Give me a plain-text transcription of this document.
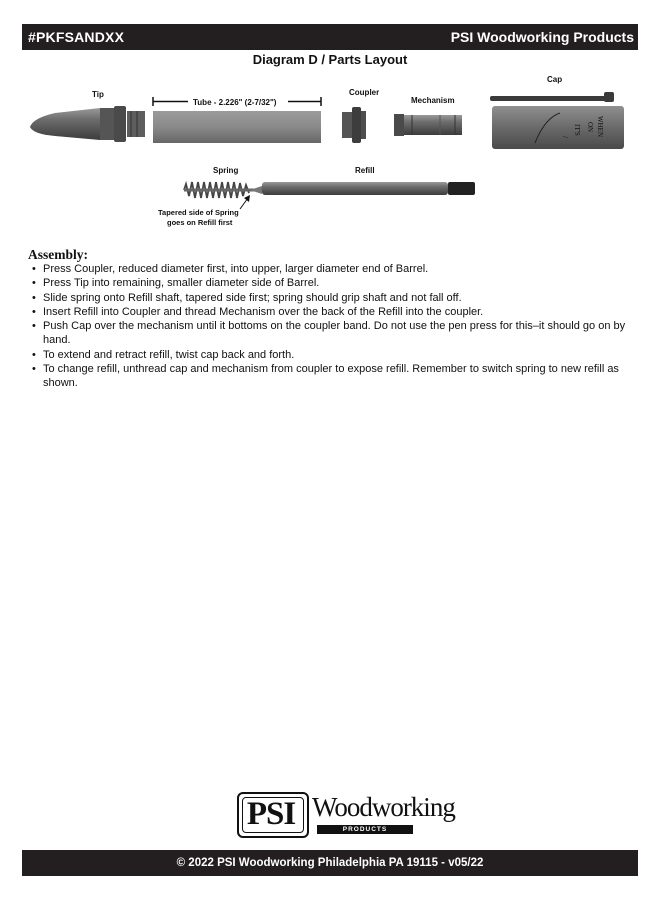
#PKFSANDXX	PSI Woodworking Products
Diagram D / Parts Layout
Tip
Tube - 2.226" (2-7/32")
Coupler
Mechanism
Cap
Spring	Refill
Tapered side of Spring
goes on Refill first
WHEN
ON
IT'S
/
Assembly:
• Press Coupler, reduced diameter first, into upper, larger diameter end of Barrel.
• Press Tip into remaining, smaller diameter side of Barrel.
• Slide spring onto Refill shaft, tapered side first; spring should grip shaft and not fall off.
• Insert Refill into Coupler and thread Mechanism over the back of the Refill into the coupler.
• Push Cap over the mechanism until it bottoms on the coupler band. Do not use the pen press for this–it should go on by hand.
• To extend and retract refill, twist cap back and forth.
• To change refill, unthread cap and mechanism from coupler to expose refill. Remember to switch spring to new refill as shown.
PSI Woodworking
PRODUCTS
© 2022 PSI Woodworking Philadelphia PA 19115 - v05/22
